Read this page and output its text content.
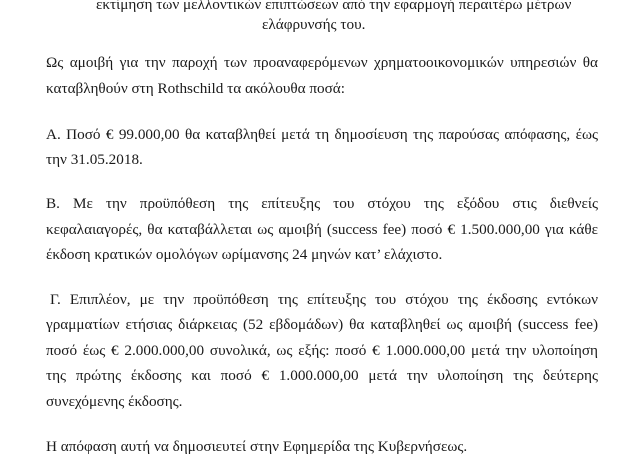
εκτίμηση των μελλοντικών επιπτώσεων από την εφαρμογή περαιτέρω μέτρων

ελάφρυνσής του.

Ως αμοιβή για την παροχή των προαναφερόμενων χρηματοοικονομικών υπηρεσιών θα

καταβληθούν στη Rothschild τα ακόλουθα ποσά:

Α. Ποσό € 99.000,00 θα καταβληθεί μετά τη δημοσίευση της παρούσας απόφασης, έως

την 31.05.2018.

Β. Με την προϋπόθεση της επίτευξης του στόχου της εξόδου στις διεθνείς

κεφαλαιαγορές, θα καταβάλλεται ως αμοιβή (success fee) ποσό € 1.500.000,00 για κάθε

έκδοση κρατικών ομολόγων ωρίμανσης 24 μηνών κατ’ ελάχιστο.

Γ. Επιπλέον, με την προϋπόθεση της επίτευξης του στόχου της έκδοσης εντόκων

γραμματίων ετήσιας διάρκειας (52 εβδομάδων) θα καταβληθεί ως αμοιβή (success fee)

ποσό έως € 2.000.000,00 συνολικά, ως εξής: ποσό € 1.000.000,00 μετά την υλοποίηση

της πρώτης έκδοσης και ποσό € 1.000.000,00 μετά την υλοποίηση της δεύτερης

συνεχόμενης έκδοσης.

Η απόφαση αυτή να δημοσιευτεί στην Εφημερίδα της Κυβερνήσεως.
